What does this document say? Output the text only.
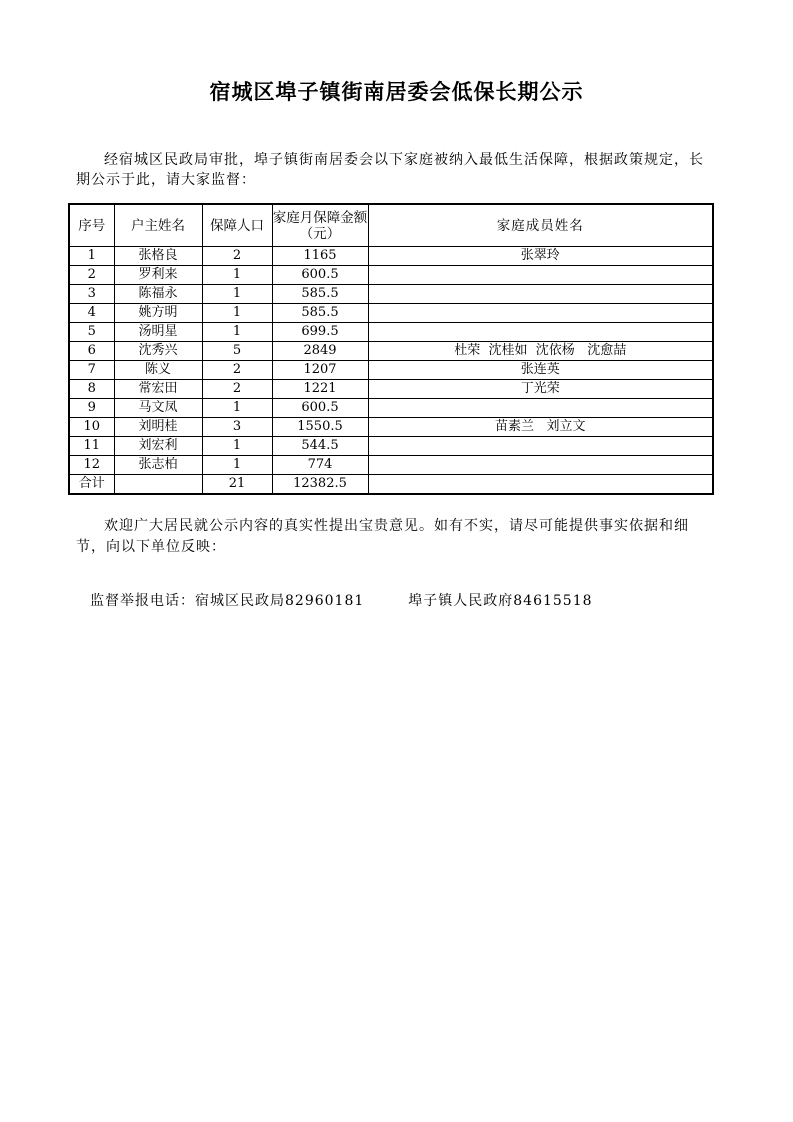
宿城区埠子镇街南居委会低保长期公示

经宿城区民政局审批，埠子镇街南居委会以下家庭被纳入最低生活保障，根据政策规定，长期公示于此，请大家监督：

序号	户主姓名	保障人口	家庭月保障金额（元）	家庭成员姓名
1	张格良	2	1165	张翠玲
2	罗利来	1	600.5	
3	陈福永	1	585.5	
4	姚方明	1	585.5	
5	汤明星	1	699.5	
6	沈秀兴	5	2849	杜荣  沈桂如  沈依杨   沈愈喆
7	陈义	2	1207	张连英
8	常宏田	2	1221	丁光荣
9	马文凤	1	600.5	
10	刘明桂	3	1550.5	苗素兰   刘立文
11	刘宏利	1	544.5	
12	张志柏	1	774	
合计		21	12382.5	

欢迎广大居民就公示内容的真实性提出宝贵意见。如有不实，请尽可能提供事实依据和细节，向以下单位反映：

监督举报电话：宿城区民政局82960181	埠子镇人民政府84615518
